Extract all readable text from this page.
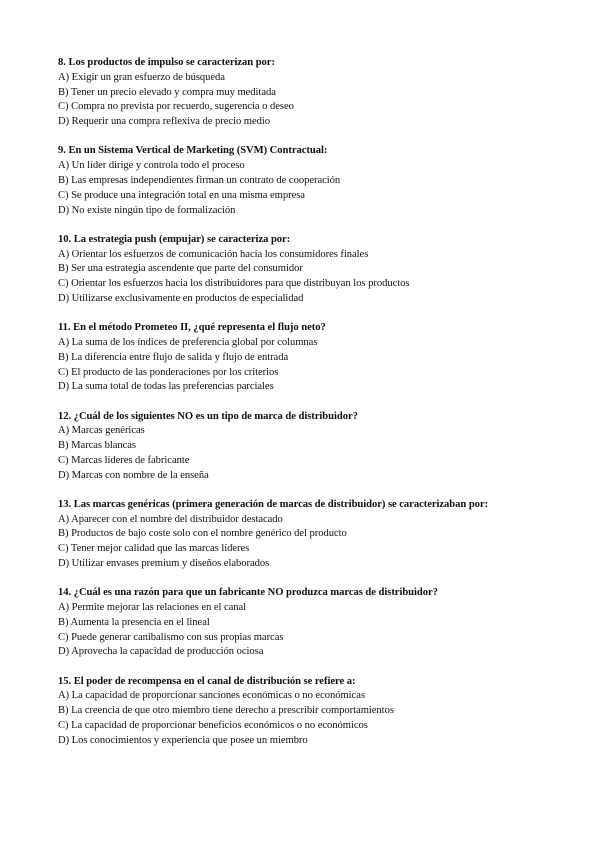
8. Los productos de impulso se caracterizan por:
A) Exigir un gran esfuerzo de búsqueda
B) Tener un precio elevado y compra muy meditada
C) Compra no prevista por recuerdo, sugerencia o deseo
D) Requerir una compra reflexiva de precio medio
9. En un Sistema Vertical de Marketing (SVM) Contractual:
A) Un líder dirige y controla todo el proceso
B) Las empresas independientes firman un contrato de cooperación
C) Se produce una integración total en una misma empresa
D) No existe ningún tipo de formalización
10. La estrategia push (empujar) se caracteriza por:
A) Orientar los esfuerzos de comunicación hacia los consumidores finales
B) Ser una estrategia ascendente que parte del consumidor
C) Orientar los esfuerzos hacia los distribuidores para que distribuyan los productos
D) Utilizarse exclusivamente en productos de especialidad
11. En el método Prometeo II, ¿qué representa el flujo neto?
A) La suma de los índices de preferencia global por columnas
B) La diferencia entre flujo de salida y flujo de entrada
C) El producto de las ponderaciones por los criterios
D) La suma total de todas las preferencias parciales
12. ¿Cuál de los siguientes NO es un tipo de marca de distribuidor?
A) Marcas genéricas
B) Marcas blancas
C) Marcas líderes de fabricante
D) Marcas con nombre de la enseña
13. Las marcas genéricas (primera generación de marcas de distribuidor) se caracterizaban por:
A) Aparecer con el nombre del distribuidor destacado
B) Productos de bajo coste solo con el nombre genérico del producto
C) Tener mejor calidad que las marcas líderes
D) Utilizar envases premium y diseños elaborados
14. ¿Cuál es una razón para que un fabricante NO produzca marcas de distribuidor?
A) Permite mejorar las relaciones en el canal
B) Aumenta la presencia en el lineal
C) Puede generar canibalismo con sus propias marcas
D) Aprovecha la capacidad de producción ociosa
15. El poder de recompensa en el canal de distribución se refiere a:
A) La capacidad de proporcionar sanciones económicas o no económicas
B) La creencia de que otro miembro tiene derecho a prescribir comportamientos
C) La capacidad de proporcionar beneficios económicos o no económicos
D) Los conocimientos y experiencia que posee un miembro
